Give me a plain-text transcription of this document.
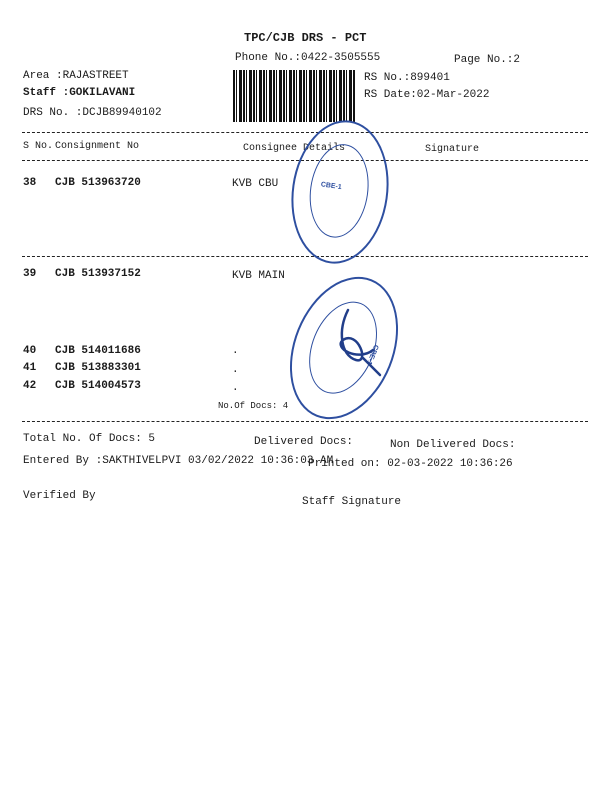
TPC/CJB DRS - PCT
Phone No.:0422-3505555	Page No.:2
Area :RAJASTREET
Staff :GOKILAVANI
DRS No. :DCJB89940102
RS No.:899401
RS Date:02-Mar-2022
S No. Consignment No	Consignee Details	Signature
38 CJB 513963720	KVB CBU
39 CJB 513937152	KVB MAIN
40 CJB 514011686	.
41 CJB 513883301	.
42 CJB 514004573	.
No.Of Docs: 4
CBE-1
CBE-1
Total No. Of Docs: 5	Delivered Docs:	Non Delivered Docs:
Entered By :SAKTHIVELPVI 03/02/2022 10:36:03 AM
Printed on: 02-03-2022 10:36:26
Verified By	Staff Signature
